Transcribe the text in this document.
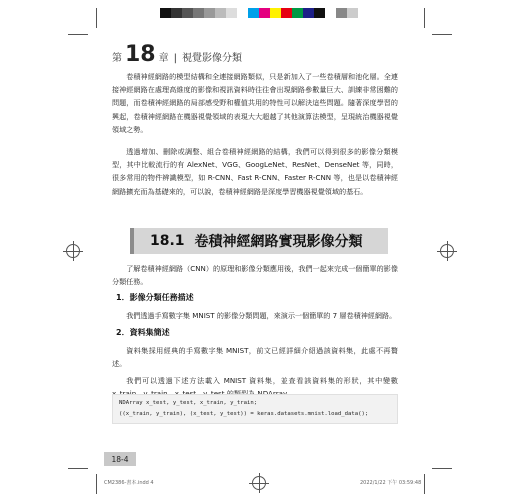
第 18 章 | 視覺影像分類

卷積神經網路的模型結構和全連接網路類似，只是新加入了一些卷積層和池化層。全連接神經網路在處理高維度的影像和視訊資料時往往會出現網路參數量巨大、訓練非常困難的問題，而卷積神經網路的局部感受野和權值共用的特性可以解決這些問題。隨著深度學習的興起，卷積神經網路在機器視覺領域的表現大大超越了其他演算法模型，呈現統治機器視覺領域之勢。

透過增加、刪除或調整、組合卷積神經網路的結構，我們可以得到很多的影像分類模型，其中比較流行的有 AlexNet、VGG、GoogLeNet、ResNet、DenseNet 等，同時，很多常用的物件辨識模型，如 R-CNN、Fast R-CNN、Faster R-CNN 等，也是以卷積神經網路擴充而為基礎來的，可以說，卷積神經網路是深度學習機器視覺領域的基石。

18.1 卷積神經網路實現影像分類

了解卷積神經網路（CNN）的原理和影像分類應用後，我們一起來完成一個簡單的影像分類任務。

1．影像分類任務描述

我們透過手寫數字集 MNIST 的影像分類問題，來演示一個簡單的 7 層卷積神經網路。

2．資料集簡述

資料集採用經典的手寫數字集 MNIST，前文已經詳細介紹過該資料集，此處不再贅述。

我們可以透過下述方法載入 MNIST 資料集，並查看該資料集的形狀，其中變數

NDArray x_test, y_test, x_train, y_train;
((x_train, y_train), (x_test, y_test)) = keras.datasets.mnist.load_data();
18-4
CM2386-書本.indd 4	2022/1/22 下午 03:59:48
